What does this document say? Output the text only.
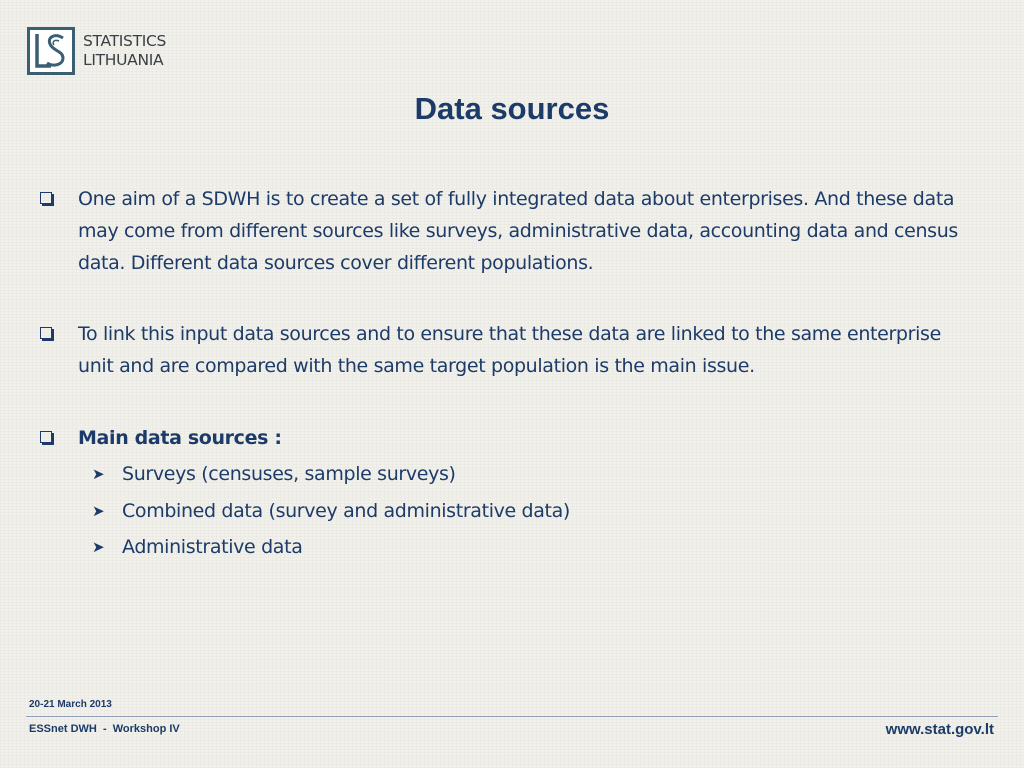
STATISTICS
LITHUANIA
Data sources
One aim of a SDWH is to create a set of fully integrated data about enterprises. And these data may come from different sources like surveys, administrative data, accounting data and census data. Different data sources cover different populations.
To link this input data sources and to ensure that these data are linked to the same enterprise unit and are compared with the same target population is the main issue.
Main data sources :
➤ Surveys (censuses, sample surveys)
➤ Combined data (survey and administrative data)
➤ Administrative data
20-21 March 2013
ESSnet DWH  -  Workshop IV	www.stat.gov.lt
